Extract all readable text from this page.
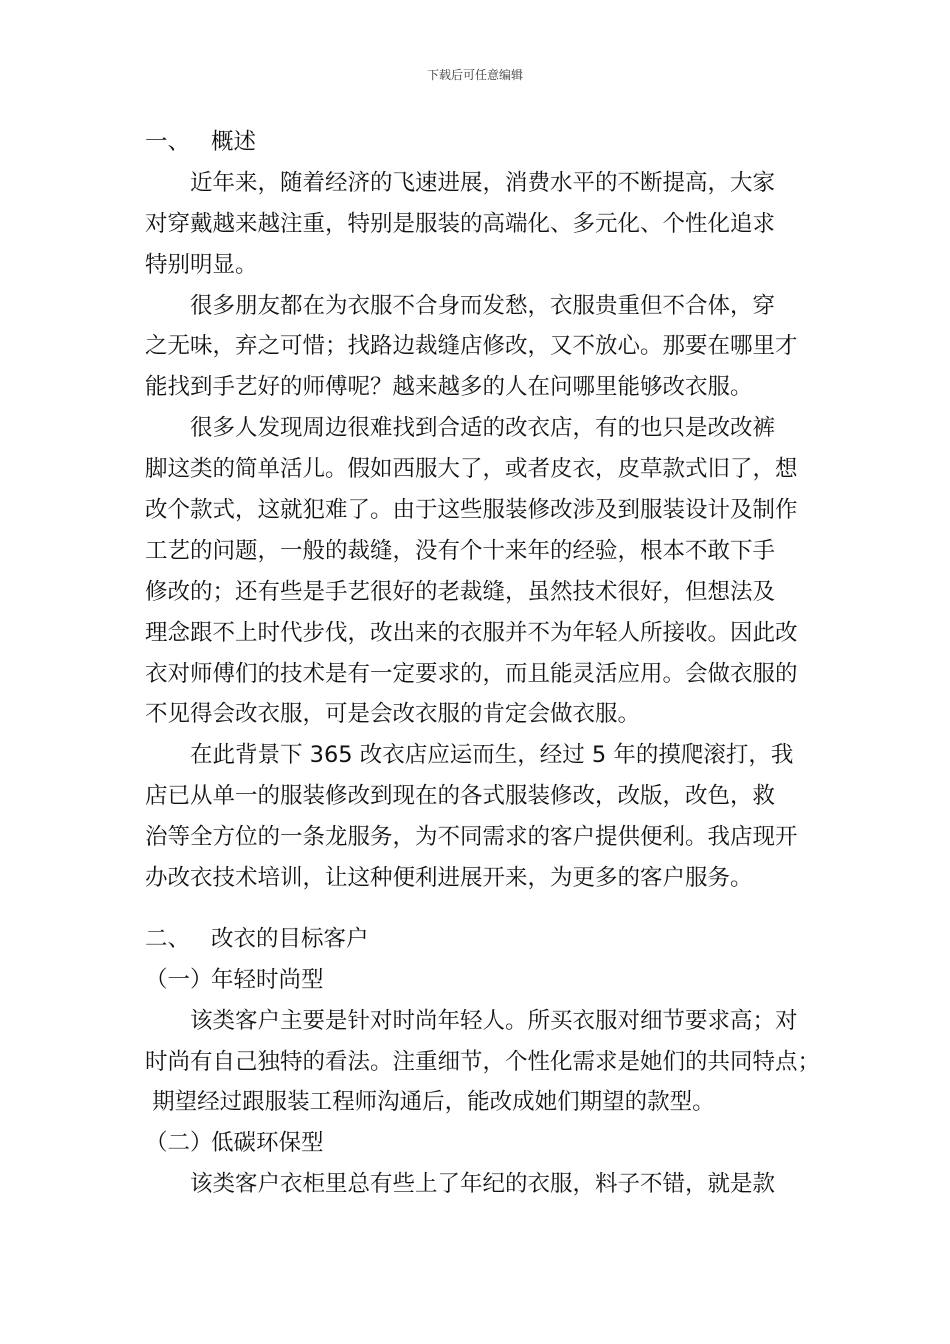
下载后可任意编辑
一、 概述
近年来，随着经济的飞速进展，消费水平的不断提高，大家
对穿戴越来越注重，特别是服装的高端化、多元化、个性化追求
特别明显。
很多朋友都在为衣服不合身而发愁，衣服贵重但不合体，穿
之无味，弃之可惜；找路边裁缝店修改，又不放心。那要在哪里才
能找到手艺好的师傅呢？越来越多的人在问哪里能够改衣服。
很多人发现周边很难找到合适的改衣店，有的也只是改改裤
脚这类的简单活儿。假如西服大了，或者皮衣，皮草款式旧了，想
改个款式，这就犯难了。由于这些服装修改涉及到服装设计及制作
工艺的问题，一般的裁缝，没有个十来年的经验，根本不敢下手
修改的；还有些是手艺很好的老裁缝，虽然技术很好，但想法及
理念跟不上时代步伐，改出来的衣服并不为年轻人所接收。因此改
衣对师傅们的技术是有一定要求的，而且能灵活应用。会做衣服的
不见得会改衣服，可是会改衣服的肯定会做衣服。
在此背景下 365 改衣店应运而生，经过 5 年的摸爬滚打，我
店已从单一的服装修改到现在的各式服装修改，改版，改色，救
治等全方位的一条龙服务，为不同需求的客户提供便利。我店现开
办改衣技术培训，让这种便利进展开来，为更多的客户服务。
二、 改衣的目标客户
（一）
年轻时尚型
该类客户主要是针对时尚年轻人。所买衣服对细节要求高；对
时尚有自己独特的看法。注重细节，个性化需求是她们的共同特点；
期望经过跟服装工程师沟通后，能改成她们期望的款型。
（二）
低碳环保型
该类客户衣柜里总有些上了年纪的衣服，料子不错，就是款
